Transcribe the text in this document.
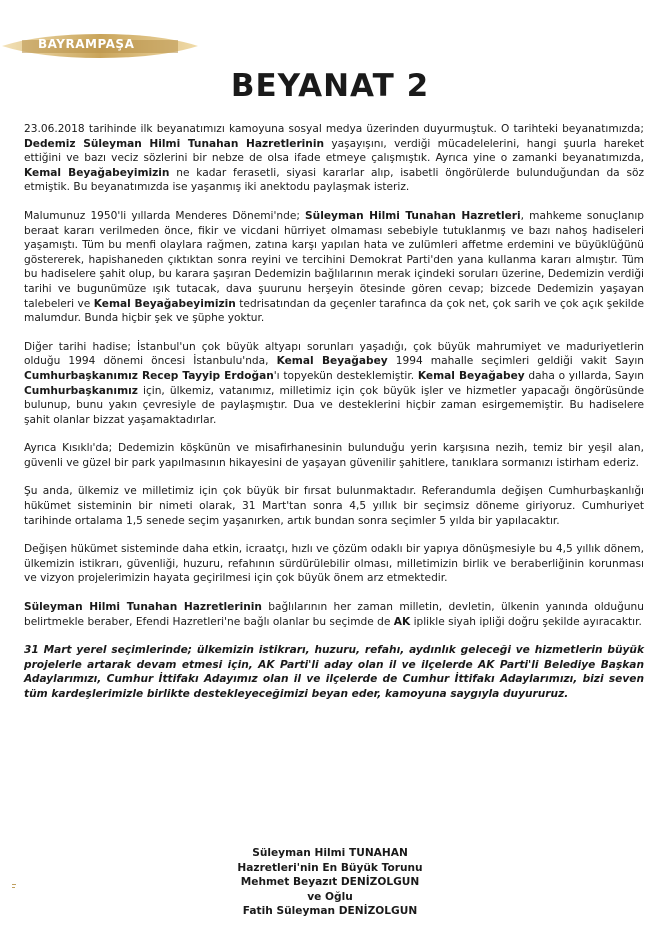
BAYRAMPAŞA
BEYANAT 2

23.06.2018 tarihinde ilk beyanatımızı kamoyuna sosyal medya üzerinden duyurmuştuk. O tarihteki beyanatımızda; Dedemiz Süleyman Hilmi Tunahan Hazretlerinin yaşayışını, verdiği mücadelelerini, hangi şuurla hareket ettiğini ve bazı veciz sözlerini bir nebze de olsa ifade etmeye çalışmıştık. Ayrıca yine o zamanki beyanatımızda, Kemal Beyağabeyimizin ne kadar ferasetli, siyasi kararlar alıp, isabetli öngörülerde bulunduğundan da söz etmiştik. Bu beyanatımızda ise yaşanmış iki anektodu paylaşmak isteriz.

Malumunuz 1950'li yıllarda Menderes Dönemi'nde; Süleyman Hilmi Tunahan Hazretleri, mahkeme sonuçlanıp beraat kararı verilmeden önce, fikir ve vicdani hürriyet olmaması sebebiyle tutuklanmış ve bazı nahoş hadiseleri yaşamıştı. Tüm bu menfi olaylara rağmen, zatına karşı yapılan hata ve zulümleri affetme erdemini ve büyüklüğünü göstererek, hapishaneden çıktıktan sonra reyini ve tercihini Demokrat Parti'den yana kullanma kararı almıştır. Tüm bu hadiselere şahit olup, bu karara şaşıran Dedemizin bağlılarının merak içindeki soruları üzerine, Dedemizin verdiği tarihi ve bugunümüze ışık tutacak, dava şuurunu herşeyin ötesinde gören cevap; bizcede Dedemizin yaşayan talebeleri ve Kemal Beyağabeyimizin tedrisatından da geçenler tarafınca da çok net, çok sarih ve çok açık şekilde malumdur. Bunda hiçbir şek ve şüphe yoktur.

Diğer tarihi hadise; İstanbul'un çok büyük altyapı sorunları yaşadığı, çok büyük mahrumiyet ve maduriyetlerin olduğu 1994 dönemi öncesi İstanbulu'nda, Kemal Beyağabey 1994 mahalle seçimleri geldiği vakit Sayın Cumhurbaşkanımız Recep Tayyip Erdoğan'ı topyekün desteklemiştir. Kemal Beyağabey daha o yıllarda, Sayın Cumhurbaşkanımız için, ülkemiz, vatanımız, milletimiz için çok büyük işler ve hizmetler yapacağı öngörüsünde bulunup, bunu yakın çevresiyle de paylaşmıştır. Dua ve desteklerini hiçbir zaman esirgememiştir. Bu hadiselere şahit olanlar bizzat yaşamaktadırlar.

Ayrıca Kısıklı'da; Dedemizin köşkünün ve misafirhanesinin bulunduğu yerin karşısına nezih, temiz bir yeşil alan, güvenli ve güzel bir park yapılmasının hikayesini de yaşayan güvenilir şahitlere, tanıklara sormanızı istirham ederiz.

Şu anda, ülkemiz ve milletimiz için çok büyük bir fırsat bulunmaktadır. Referandumla değişen Cumhurbaşkanlığı hükümet sisteminin bir nimeti olarak, 31 Mart'tan sonra 4,5 yıllık bir seçimsiz döneme giriyoruz. Cumhuriyet tarihinde ortalama 1,5 senede seçim yaşanırken, artık bundan sonra seçimler 5 yılda bir yapılacaktır.

Değişen hükümet sisteminde daha etkin, icraatçı, hızlı ve çözüm odaklı bir yapıya dönüşmesiyle bu 4,5 yıllık dönem, ülkemizin istikrarı, güvenliği, huzuru, refahının sürdürülebilir olması, milletimizin birlik ve beraberliğinin korunması ve vizyon projelerimizin hayata geçirilmesi için çok büyük önem arz etmektedir.

Süleyman Hilmi Tunahan Hazretlerinin bağlılarının her zaman milletin, devletin, ülkenin yanında olduğunu belirtmekle beraber, Efendi Hazretleri'ne bağlı olanlar bu seçimde de AK iplikle siyah ipliği doğru şekilde ayıracaktır.

31 Mart yerel seçimlerinde; ülkemizin istikrarı, huzuru, refahı, aydınlık geleceği ve hizmetlerin büyük projelerle artarak devam etmesi için, AK Parti'li aday olan il ve ilçelerde AK Parti'li Belediye Başkan Adaylarımızı, Cumhur İttifakı Adayımız olan il ve ilçelerde de Cumhur İttifakı Adaylarımızı, bizi seven tüm kardeşlerimizle birlikte destekleyeceğimizi beyan eder, kamoyuna saygıyla duyururuz.

Süleyman Hilmi TUNAHAN
Hazretleri'nin En Büyük Torunu
Mehmet Beyazıt DENİZOLGUN
ve Oğlu
Fatih Süleyman DENİZOLGUN
